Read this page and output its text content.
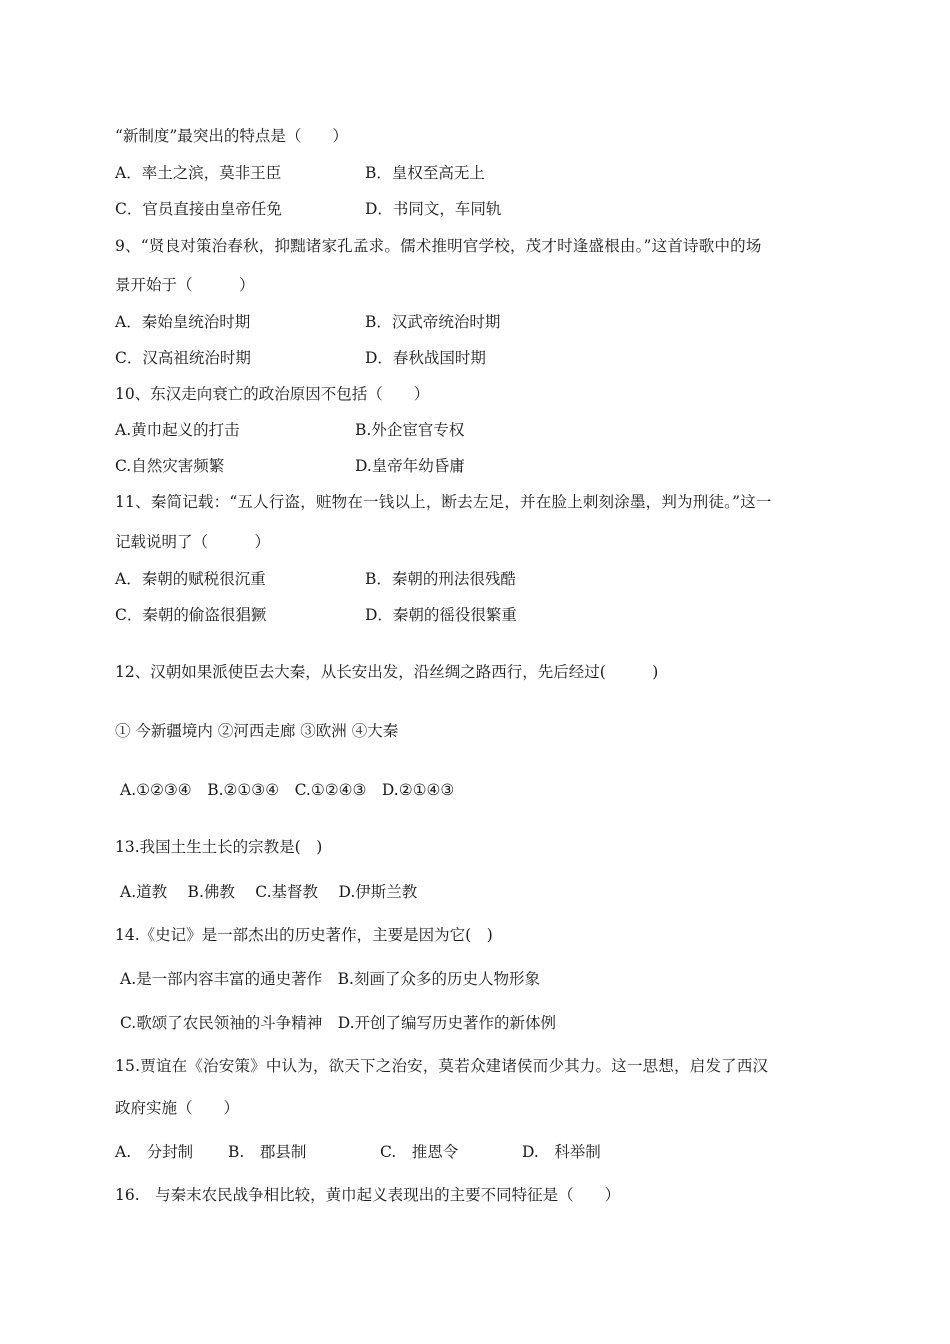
“新制度”最突出的特点是（　　）
A．率土之滨，莫非王臣	B．皇权至高无上
C．官员直接由皇帝任免	D．书同文，车同轨
9、“贤良对策治春秋，抑黜诸家孔孟求。儒术推明官学校，茂才时逢盛根由。”这首诗歌中的场
景开始于（　　　）
A．秦始皇统治时期	B．汉武帝统治时期
C．汉高祖统治时期	D．春秋战国时期
10、东汉走向衰亡的政治原因不包括（　　）
A.黄巾起义的打击	B.外企宦官专权
C.自然灾害频繁	D.皇帝年幼昏庸
11、秦简记载：“五人行盗，赃物在一钱以上，断去左足，并在脸上刺刻涂墨，判为刑徒。”这一
记载说明了（　　　）
A．秦朝的赋税很沉重	B．秦朝的刑法很残酷
C．秦朝的偷盗很猖獗	D．秦朝的徭役很繁重
12、汉朝如果派使臣去大秦，从长安出发，沿丝绸之路西行，先后经过(　　　)
① 今新疆境内 ②河西走廊 ③欧洲 ④大秦
A.①②③④　B.②①③④　C.①②④③　D.②①④③
13.我国土生土长的宗教是(　)
A.道教　 B.佛教　 C.基督教　 D.伊斯兰教
14.《史记》是一部杰出的历史著作，主要是因为它(　)
A.是一部内容丰富的通史著作　B.刻画了众多的历史人物形象
C.歌颂了农民领袖的斗争精神　D.开创了编写历史著作的新体例
15.贾谊在《治安策》中认为，欲天下之治安，莫若众建诸侯而少其力。这一思想，启发了西汉
政府实施（　　）
A.　分封制 B.　郡县制	C.　推恩令	D.　科举制
16.　与秦末农民战争相比较，黄巾起义表现出的主要不同特征是（　　）
